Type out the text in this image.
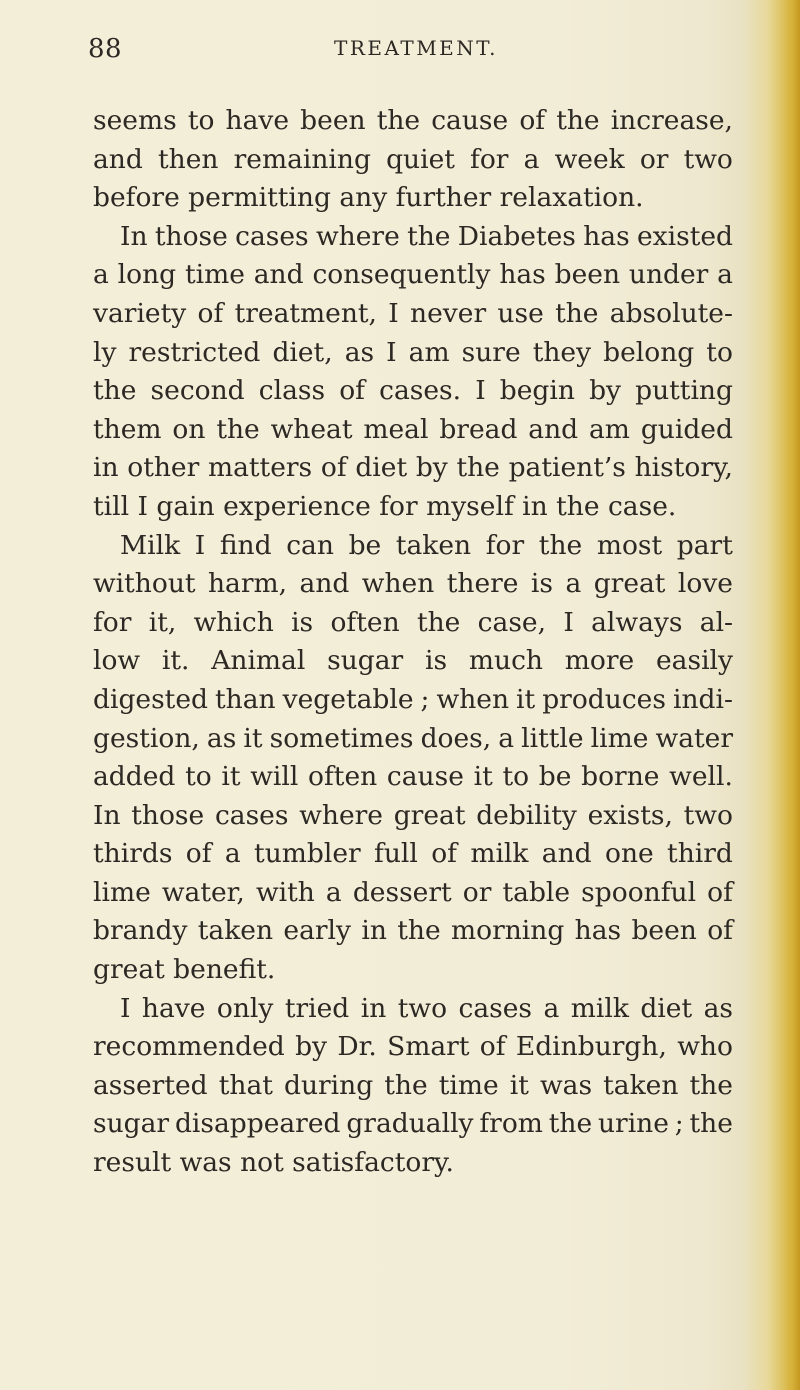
88	TREATMENT.
seems to have been the cause of the increase,
and then remaining quiet for a week or two
before permitting any further relaxation.
In those cases where the Diabetes has existed
a long time and consequently has been under a
variety of treatment, I never use the absolute-
ly restricted diet, as I am sure they belong to
the second class of cases. I begin by putting
them on the wheat meal bread and am guided
in other matters of diet by the patient’s history,
till I gain experience for myself in the case.
Milk I find can be taken for the most part
without harm, and when there is a great love
for it, which is often the case, I always al-
low it. Animal sugar is much more easily
digested than vegetable ; when it produces indi-
gestion, as it sometimes does, a little lime water
added to it will often cause it to be borne well.
In those cases where great debility exists, two
thirds of a tumbler full of milk and one third
lime water, with a dessert or table spoonful of
brandy taken early in the morning has been of
great benefit.
I have only tried in two cases a milk diet as
recommended by Dr. Smart of Edinburgh, who
asserted that during the time it was taken the
sugar disappeared gradually from the urine ; the
result was not satisfactory.
